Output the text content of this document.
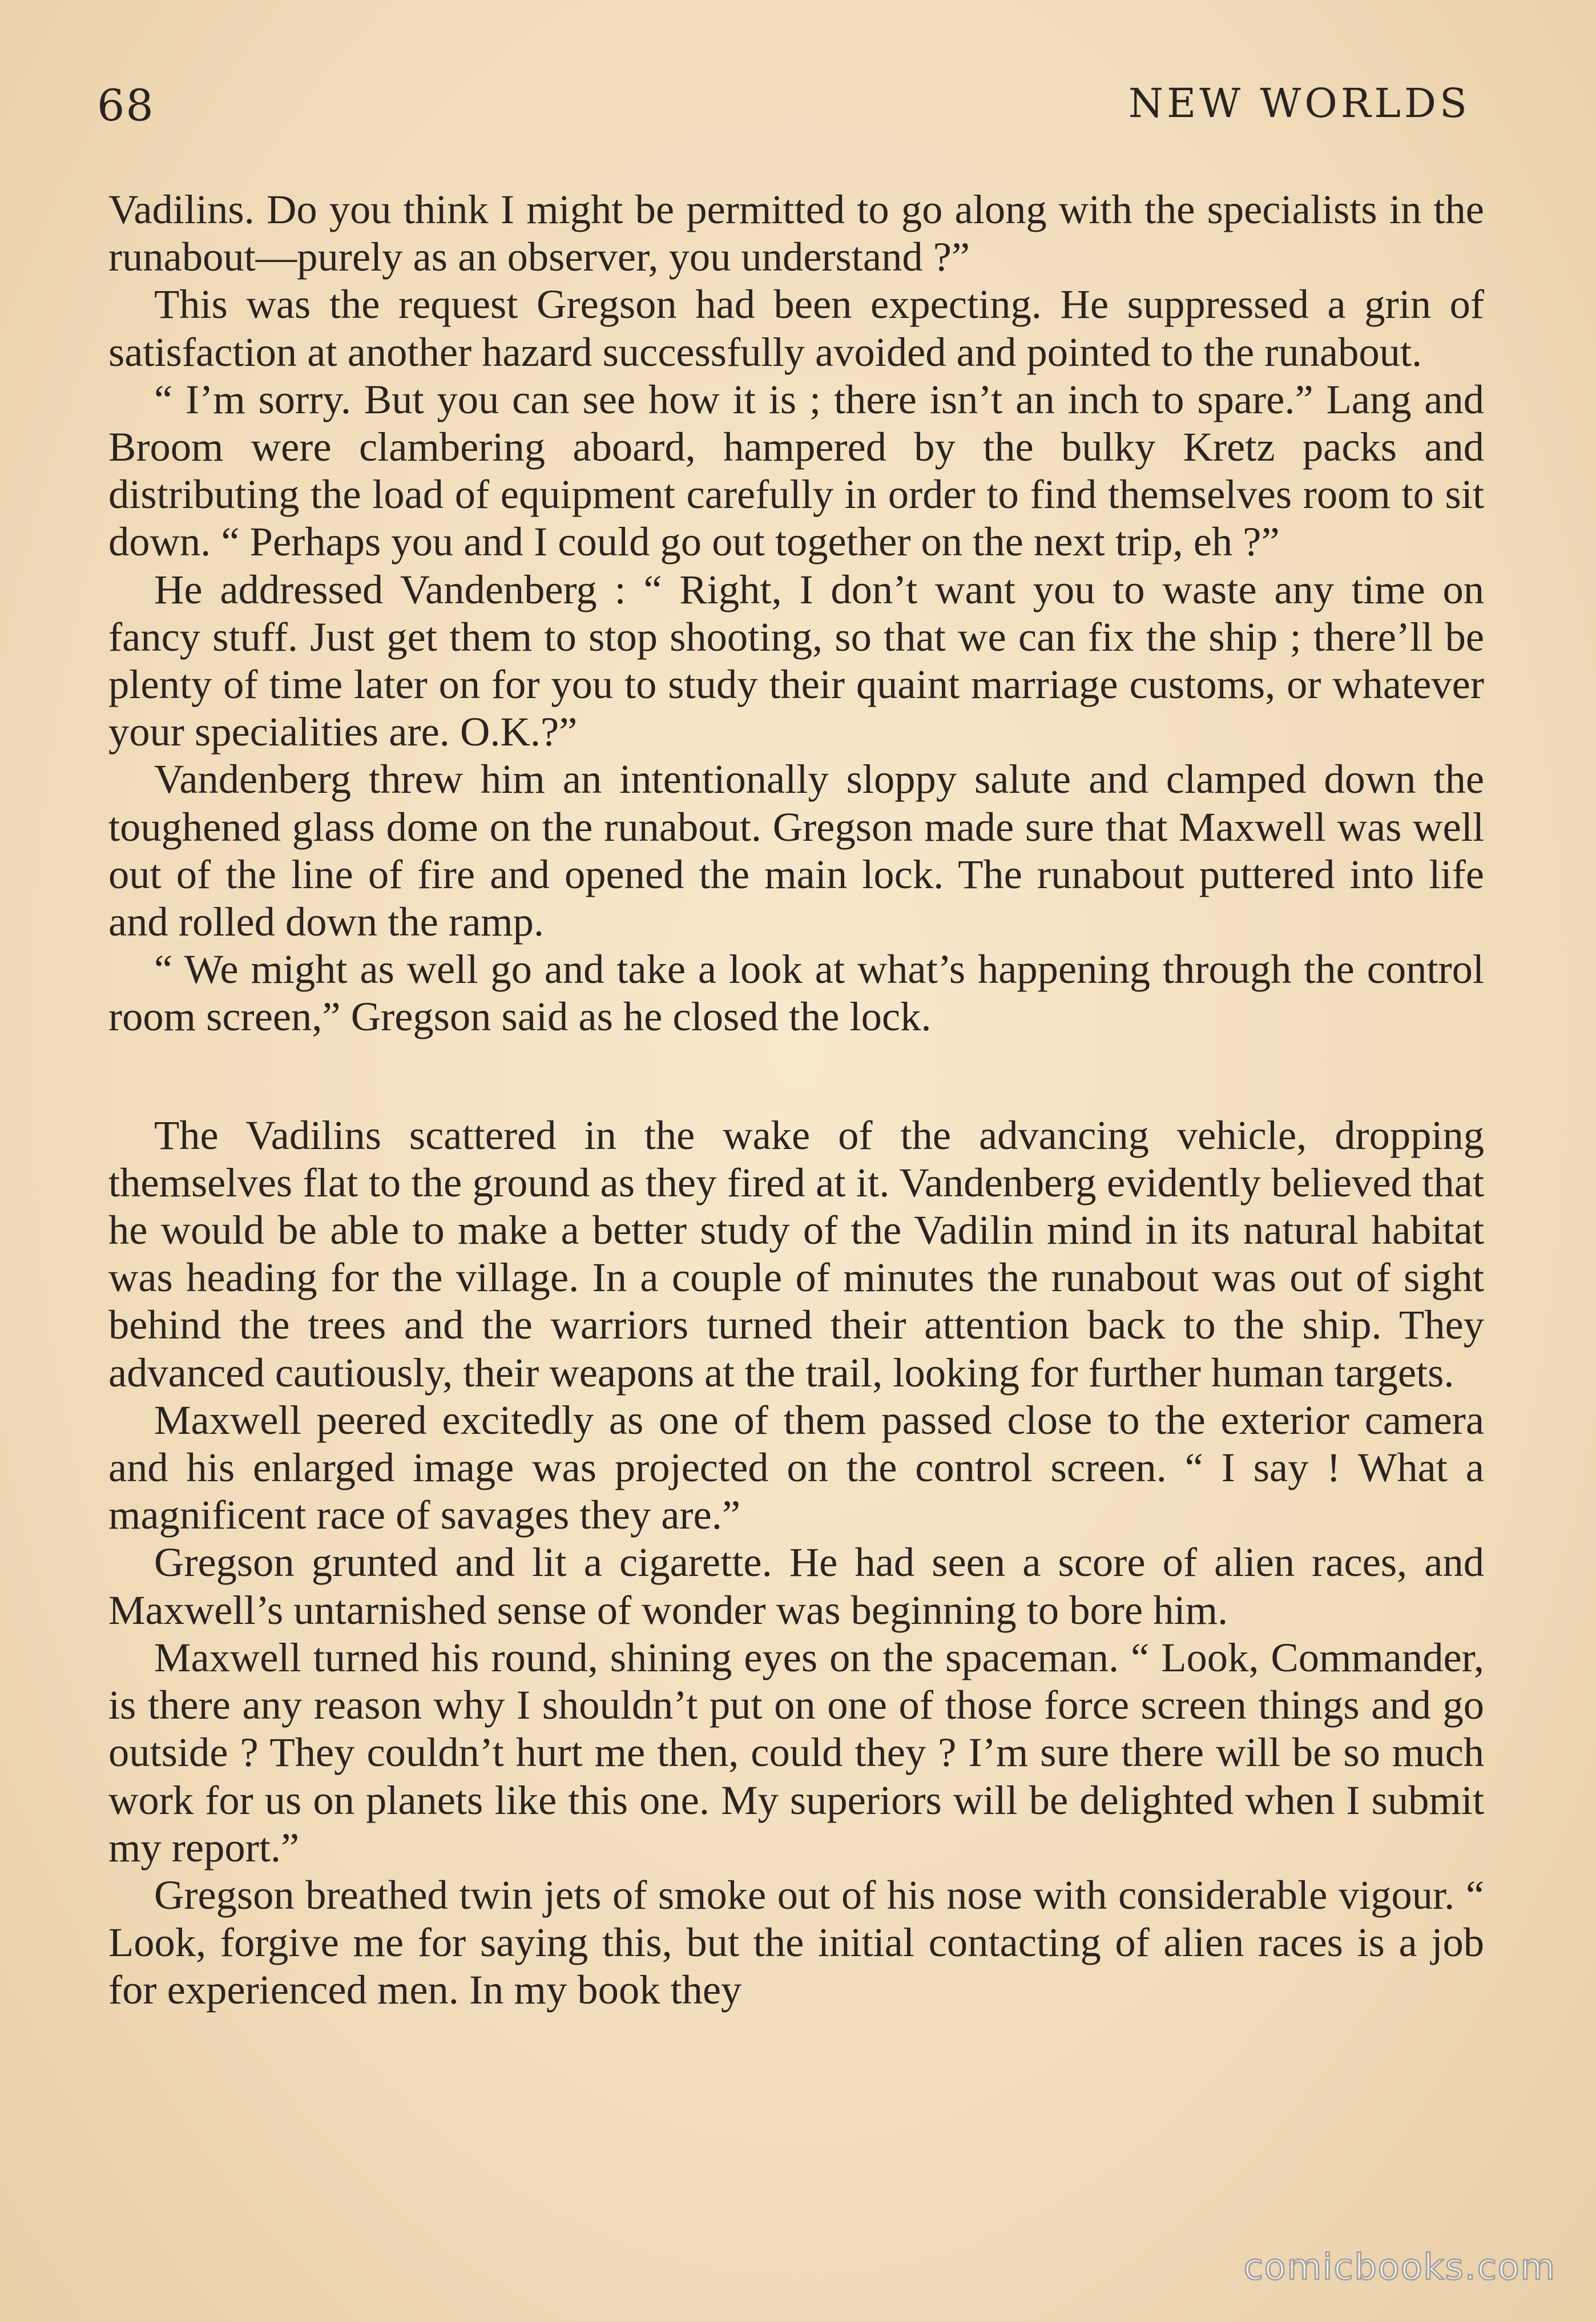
68	NEW WORLDS

Vadilins. Do you think I might be permitted to go along with the specialists in the runabout—purely as an observer, you understand ?”

This was the request Gregson had been expecting. He suppressed a grin of satisfaction at another hazard successfully avoided and pointed to the runabout.

“ I’m sorry. But you can see how it is ; there isn’t an inch to spare.” Lang and Broom were clambering aboard, hampered by the bulky Kretz packs and distributing the load of equipment carefully in order to find themselves room to sit down. “ Perhaps you and I could go out together on the next trip, eh ?”

He addressed Vandenberg : “ Right, I don’t want you to waste any time on fancy stuff. Just get them to stop shooting, so that we can fix the ship ; there’ll be plenty of time later on for you to study their quaint marriage customs, or whatever your specialities are. O.K.?”

Vandenberg threw him an intentionally sloppy salute and clamped down the toughened glass dome on the runabout. Gregson made sure that Maxwell was well out of the line of fire and opened the main lock. The runabout puttered into life and rolled down the ramp.

“ We might as well go and take a look at what’s happening through the control room screen,” Gregson said as he closed the lock.

The Vadilins scattered in the wake of the advancing vehicle, dropping themselves flat to the ground as they fired at it. Vandenberg evidently believed that he would be able to make a better study of the Vadilin mind in its natural habitat was heading for the village. In a couple of minutes the runabout was out of sight behind the trees and the warriors turned their attention back to the ship. They advanced cautiously, their weapons at the trail, looking for further human targets.

Maxwell peered excitedly as one of them passed close to the exterior camera and his enlarged image was projected on the control screen. “ I say ! What a magnificent race of savages they are.”

Gregson grunted and lit a cigarette. He had seen a score of alien races, and Maxwell’s untarnished sense of wonder was beginning to bore him.

Maxwell turned his round, shining eyes on the spaceman. “ Look, Commander, is there any reason why I shouldn’t put on one of those force screen things and go outside ? They couldn’t hurt me then, could they ? I’m sure there will be so much work for us on planets like this one. My superiors will be delighted when I submit my report.”

Gregson breathed twin jets of smoke out of his nose with considerable vigour. “ Look, forgive me for saying this, but the initial contacting of alien races is a job for experienced men. In my book they

comicbooks.com
